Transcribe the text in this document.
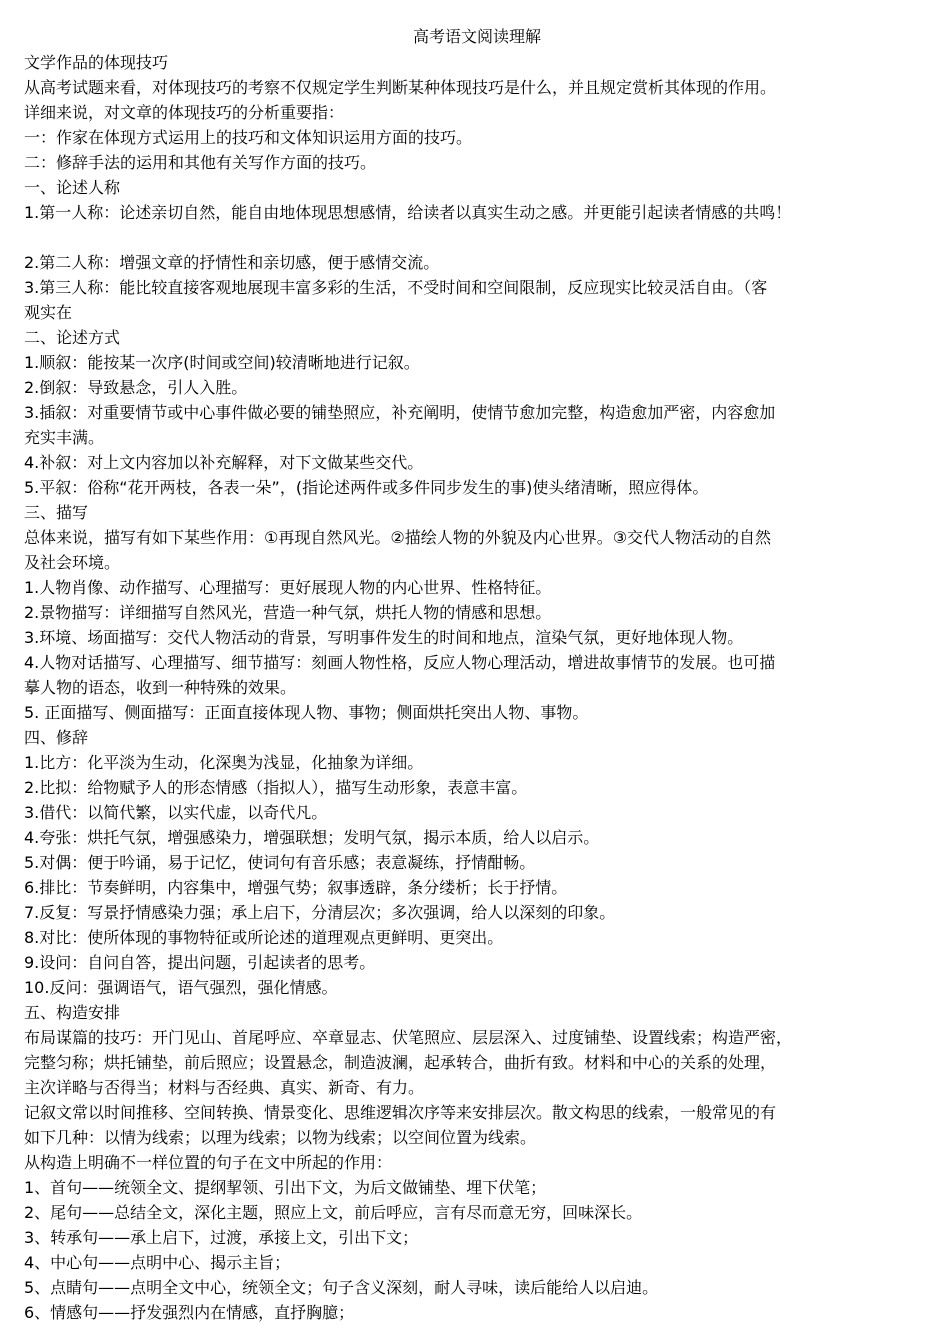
高考语文阅读理解
文学作品的体现技巧
从高考试题来看，对体现技巧的考察不仅规定学生判断某种体现技巧是什么，并且规定赏析其体现的作用。
详细来说，对文章的体现技巧的分析重要指：
一：作家在体现方式运用上的技巧和文体知识运用方面的技巧。
二：修辞手法的运用和其他有关写作方面的技巧。
一、论述人称
1.第一人称：论述亲切自然，能自由地体现思想感情，给读者以真实生动之感。并更能引起读者情感的共鸣！
2.第二人称：增强文章的抒情性和亲切感，便于感情交流。
3.第三人称：能比较直接客观地展现丰富多彩的生活，不受时间和空间限制，反应现实比较灵活自由。（客
观实在
二、论述方式
1.顺叙：能按某一次序(时间或空间)较清晰地进行记叙。
2.倒叙：导致悬念，引人入胜。
3.插叙：对重要情节或中心事件做必要的铺垫照应，补充阐明，使情节愈加完整，构造愈加严密，内容愈加
充实丰满。
4.补叙：对上文内容加以补充解释，对下文做某些交代。
5.平叙：俗称“花开两枝，各表一朵”，(指论述两件或多件同步发生的事)使头绪清晰，照应得体。
三、描写
总体来说，描写有如下某些作用：①再现自然风光。②描绘人物的外貌及内心世界。③交代人物活动的自然
及社会环境。
1.人物肖像、动作描写、心理描写：更好展现人物的内心世界、性格特征。
2.景物描写：详细描写自然风光，营造一种气氛，烘托人物的情感和思想。
3.环境、场面描写：交代人物活动的背景，写明事件发生的时间和地点，渲染气氛，更好地体现人物。
4.人物对话描写、心理描写、细节描写：刻画人物性格，反应人物心理活动，增进故事情节的发展。也可描
摹人物的语态，收到一种特殊的效果。
5. 正面描写、侧面描写：正面直接体现人物、事物；侧面烘托突出人物、事物。
四、修辞
1.比方：化平淡为生动，化深奥为浅显，化抽象为详细。
2.比拟：给物赋予人的形态情感（指拟人），描写生动形象，表意丰富。
3.借代：以简代繁，以实代虚，以奇代凡。
4.夸张：烘托气氛，增强感染力，增强联想；发明气氛，揭示本质，给人以启示。
5.对偶：便于吟诵，易于记忆，使词句有音乐感；表意凝练，抒情酣畅。
6.排比：节奏鲜明，内容集中，增强气势；叙事透辟，条分缕析；长于抒情。
7.反复：写景抒情感染力强；承上启下，分清层次；多次强调，给人以深刻的印象。
8.对比：使所体现的事物特征或所论述的道理观点更鲜明、更突出。
9.设问：自问自答，提出问题，引起读者的思考。
10.反问：强调语气，语气强烈，强化情感。
五、构造安排
布局谋篇的技巧：开门见山、首尾呼应、卒章显志、伏笔照应、层层深入、过度铺垫、设置线索；构造严密，
完整匀称；烘托铺垫，前后照应；设置悬念，制造波澜，起承转合，曲折有致。材料和中心的关系的处理，
主次详略与否得当；材料与否经典、真实、新奇、有力。
记叙文常以时间推移、空间转换、情景变化、思维逻辑次序等来安排层次。散文构思的线索，一般常见的有
如下几种：以情为线索；以理为线索；以物为线索；以空间位置为线索。
从构造上明确不一样位置的句子在文中所起的作用：
1、首句——统领全文、提纲挈领、引出下文，为后文做铺垫、埋下伏笔；
2、尾句——总结全文，深化主题，照应上文，前后呼应，言有尽而意无穷，回味深长。
3、转承句——承上启下，过渡，承接上文，引出下文；
4、中心句——点明中心、揭示主旨；
5、点睛句——点明全文中心，统领全文；句子含义深刻，耐人寻味，读后能给人以启迪。
6、情感句——抒发强烈内在情感，直抒胸臆；
